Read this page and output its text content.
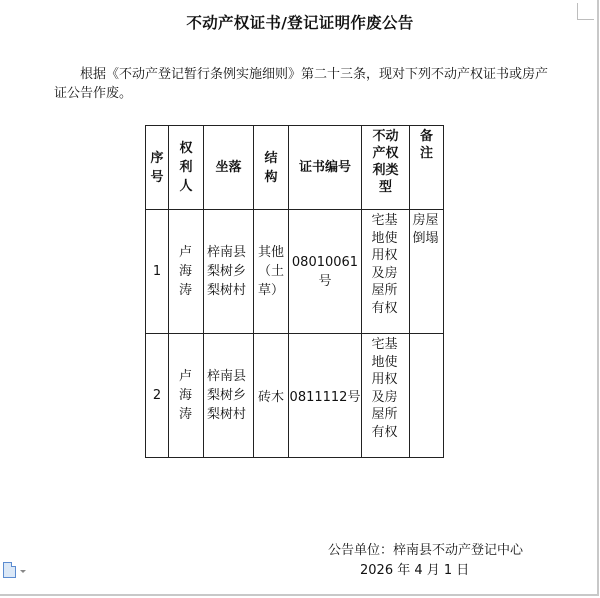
不动产权证书/登记证明作废公告

根据《不动产登记暂行条例实施细则》第二十三条，现对下列不动产权证书或房产证公告作废。

序号	权利人	坐落	结构	证书编号	不动产权利类型	备注

1	卢海涛	梓南县梨树乡梨树村	其他（土草）	08010061号	宅基地使用权及房屋所有权	房屋倒塌

2	卢海涛	梓南县梨树乡梨树村	砖木	0811112号	宅基地使用权及房屋所有权	

公告单位：梓南县不动产登记中心
2026 年 4 月 1 日
